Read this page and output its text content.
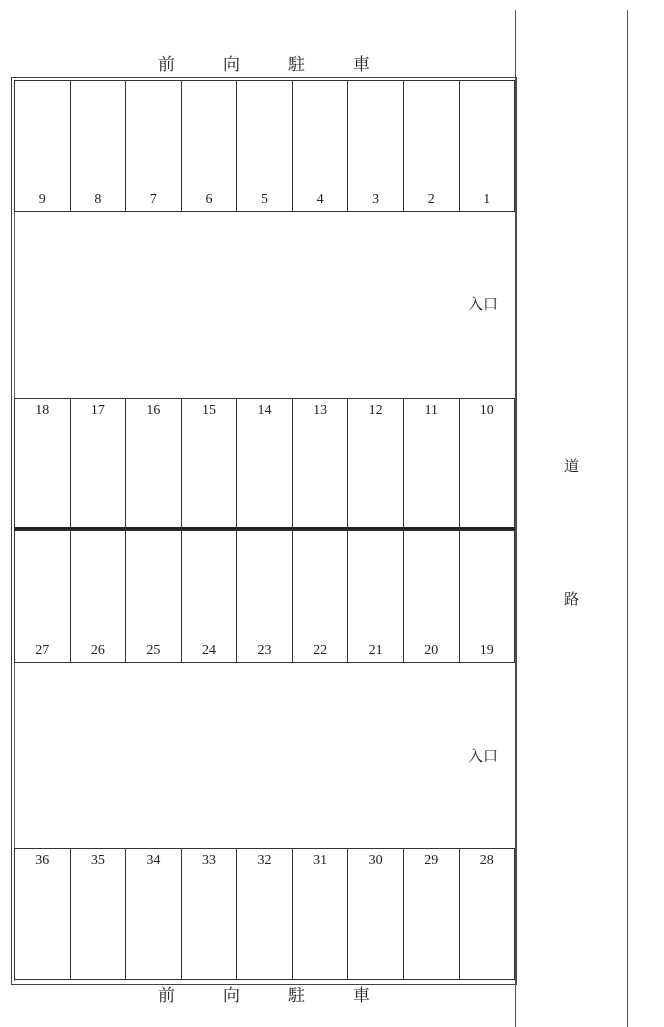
前	向	駐	車
9	8	7	6	5	4	3	2	1
18	17	16	15	14	13	12	11	10
27	26	25	24	23	22	21	20	19
36	35	34	33	32	31	30	29	28
入口
入口
道
路
前	向	駐	車
